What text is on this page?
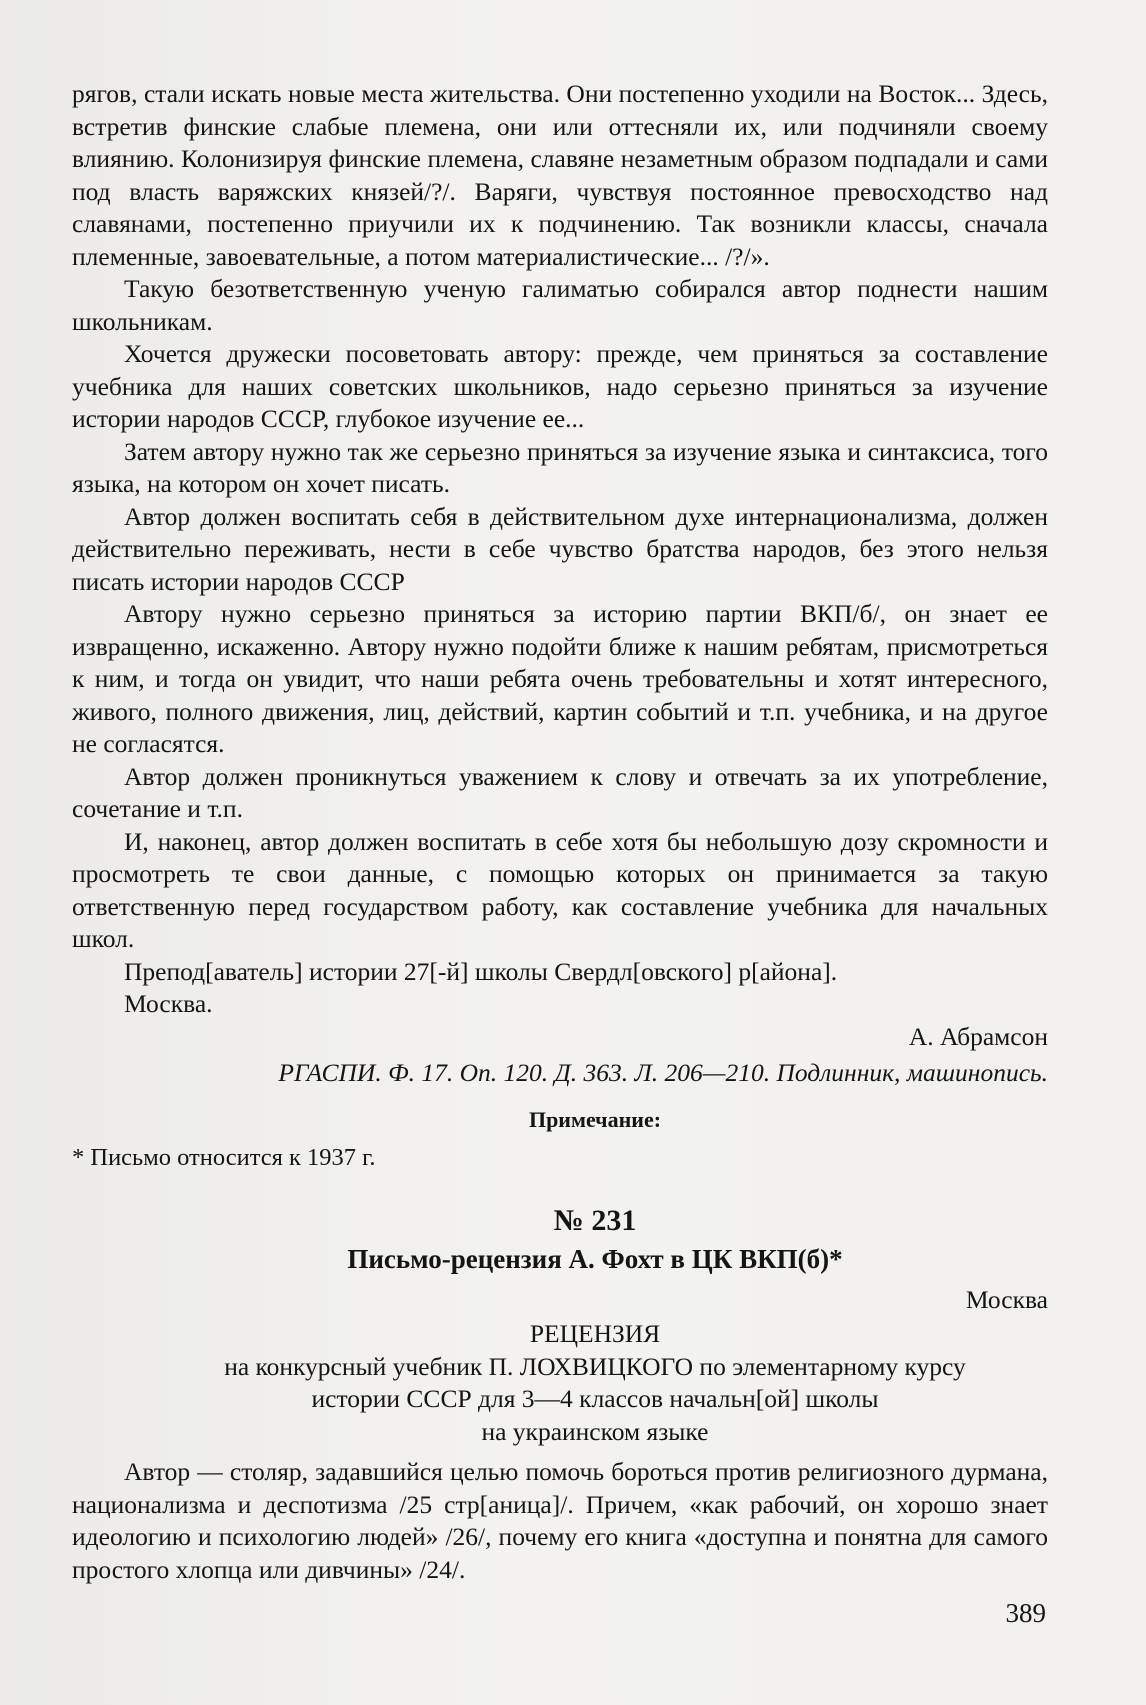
рягов, стали искать новые места жительства. Они постепенно уходили на Восток... Здесь, встретив финские слабые племена, они или оттесняли их, или подчиняли своему влиянию. Колонизируя финские племена, славяне незаметным образом подпадали и сами под власть варяжских князей/?/. Варяги, чувствуя постоянное превосходство над славянами, постепенно приучили их к подчинению. Так возникли классы, сначала племенные, завоевательные, а потом материалистические... /?/».

Такую безответственную ученую галиматью собирался автор поднести нашим школьникам.

Хочется дружески посоветовать автору: прежде, чем приняться за составление учебника для наших советских школьников, надо серьезно приняться за изучение истории народов СССР, глубокое изучение ее...

Затем автору нужно так же серьезно приняться за изучение языка и синтаксиса, того языка, на котором он хочет писать.

Автор должен воспитать себя в действительном духе интернационализма, должен действительно переживать, нести в себе чувство братства народов, без этого нельзя писать истории народов СССР

Автору нужно серьезно приняться за историю партии ВКП/б/, он знает ее извращенно, искаженно. Автору нужно подойти ближе к нашим ребятам, присмотреться к ним, и тогда он увидит, что наши ребята очень требовательны и хотят интересного, живого, полного движения, лиц, действий, картин событий и т.п. учебника, и на другое не согласятся.

Автор должен проникнуться уважением к слову и отвечать за их употребление, сочетание и т.п.

И, наконец, автор должен воспитать в себе хотя бы небольшую дозу скромности и просмотреть те свои данные, с помощью которых он принимается за такую ответственную перед государством работу, как составление учебника для начальных школ.

Препод[аватель] истории 27[-й] школы Свердл[овского] р[айона].

Москва.

А. Абрамсон

РГАСПИ. Ф. 17. Оп. 120. Д. 363. Л. 206—210. Подлинник, машинопись.

Примечание:

* Письмо относится к 1937 г.

№ 231

Письмо-рецензия А. Фохт в ЦК ВКП(б)*

Москва

РЕЦЕНЗИЯ

на конкурсный учебник П. ЛОХВИЦКОГО по элементарному курсу

истории СССР для 3—4 классов начальн[ой] школы

на украинском языке

Автор — столяр, задавшийся целью помочь бороться против религиозного дурмана, национализма и деспотизма /25 стр[аница]/. Причем, «как рабочий, он хорошо знает идеологию и психологию людей» /26/, почему его книга «доступна и понятна для самого простого хлопца или дивчины» /24/.

389
